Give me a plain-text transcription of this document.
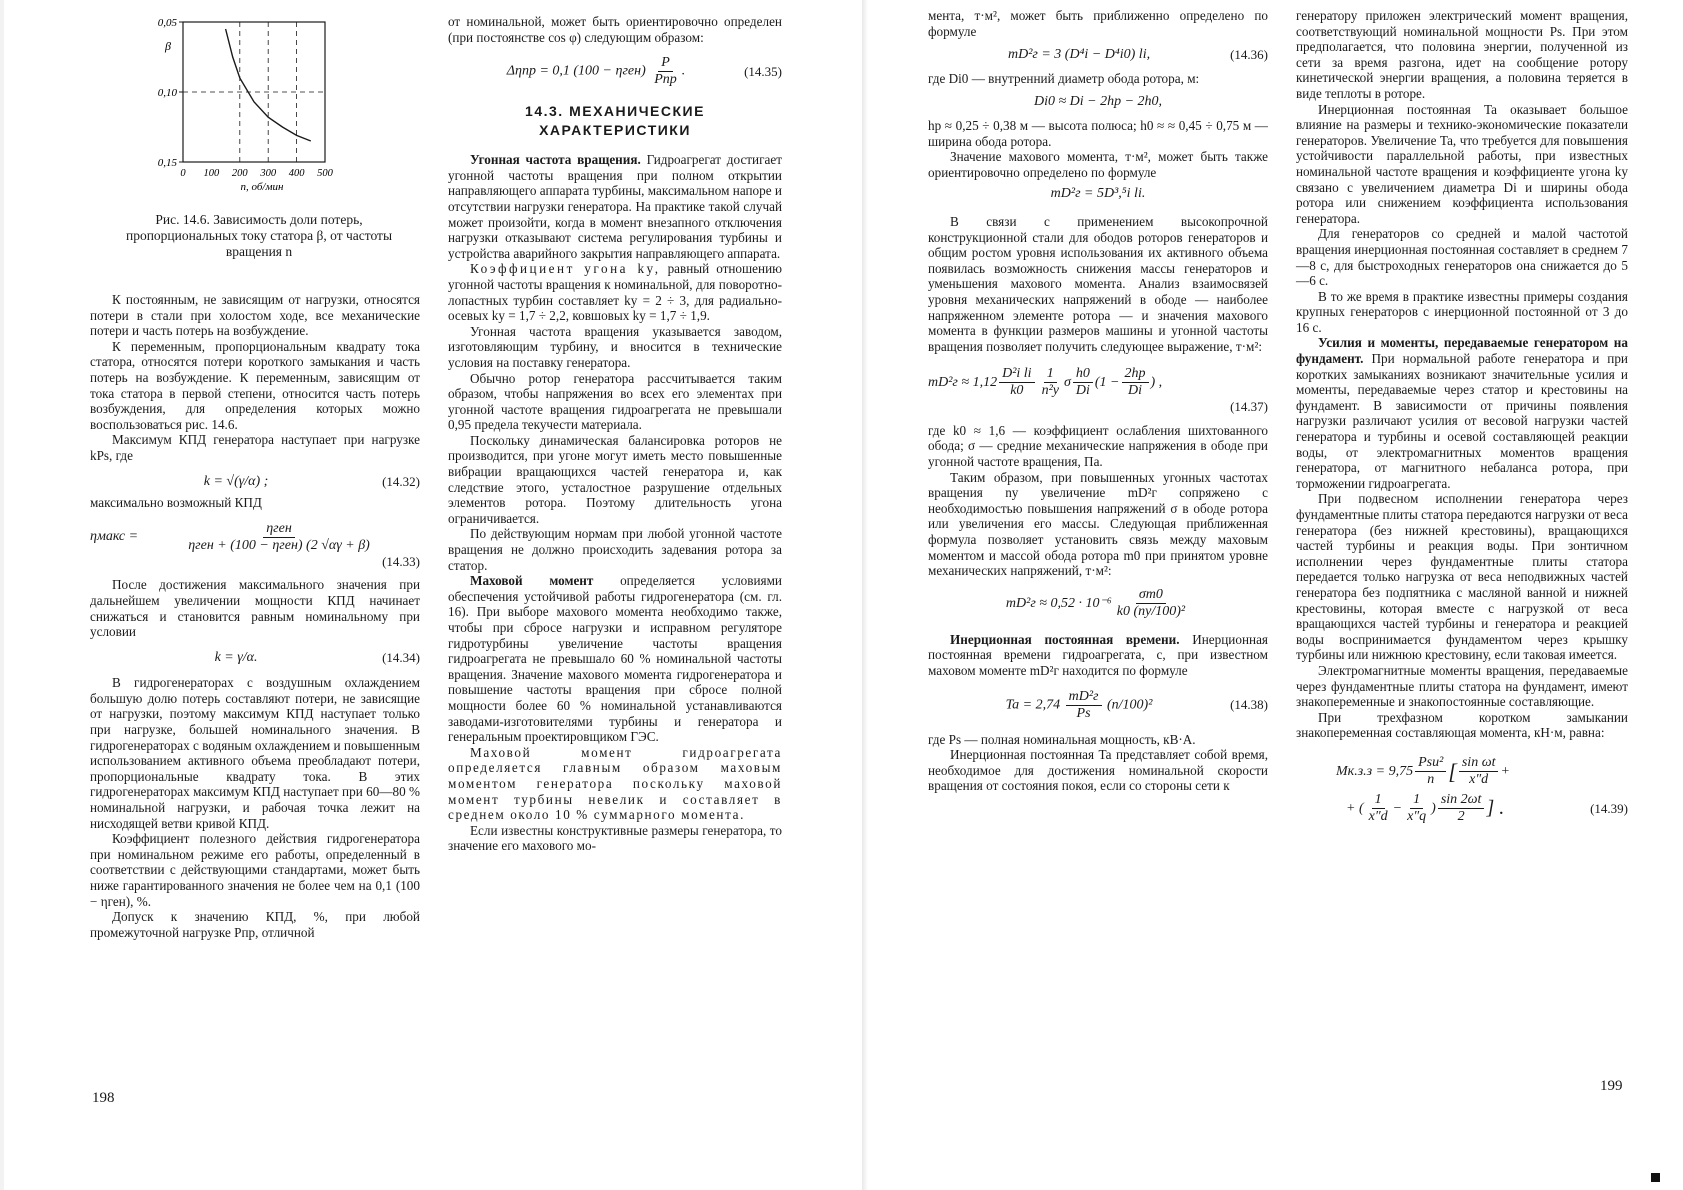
0,15
0,10
0,05
0 100 200 300 400 500
β
n, об/мин
Рис. 14.6. Зависимость доли потерь, пропорциональных току статора β, от частоты вращения n

К постоянным, не зависящим от нагрузки, относятся потери в стали при холостом ходе, все механические потери и часть потерь на возбуждение.

К переменным, пропорциональным квадрату тока статора, относятся потери короткого замыкания и часть потерь на возбуждение. К переменным, зависящим от тока статора в первой степени, относится часть потерь возбуждения, для определения которых можно воспользоваться рис. 14.6.

Максимум КПД генератора наступает при нагрузке kPs, где

k = √(γ/α) ;	(14.32)

максимально возможный КПД

ηмакс = $\frac{\text{ηген}}{\text{ηген + (100 − ηген) (2 √αγ + β)}}$
(14.33)

После достижения максимального значения при дальнейшем увеличении мощности КПД начинает снижаться и становится равным номинальному при условии

k = γ/α.	(14.34)

В гидрогенераторах с воздушным охлаждением большую долю потерь составляют потери, не зависящие от нагрузки, поэтому максимум КПД наступает только при нагрузке, большей номинального значения. В гидрогенераторах с водяным охлаждением и повышенным использованием активного объема преобладают потери, пропорциональные квадрату тока. В этих гидрогенераторах максимум КПД наступает при 60—80 % номинальной нагрузки, и рабочая точка лежит на нисходящей ветви кривой КПД.

Коэффициент полезного действия гидрогенератора при номинальном режиме его работы, определенный в соответствии с действующими стандартами, может быть ниже гарантированного значения не более чем на 0,1 (100 − ηген), %.

Допуск к значению КПД, %, при любой промежуточной нагрузке Pпр, отличной

от номинальной, может быть ориентировочно определен (при постоянстве cos φ) следующим образом:

Δηпр = 0,1 $(100 - \eta ген) \frac{P}{\text{Pпр}}$ .	(14.35)
14.3. МЕХАНИЧЕСКИЕ
ХАРАКТЕРИСТИКИ

Угонная частота вращения. Гидроагрегат достигает угонной частоты вращения при полном открытии направляющего аппарата турбины, максимальном напоре и отсутствии нагрузки генератора. На практике такой случай может произойти, когда в момент внезапного отключения нагрузки отказывают система регулирования турбины и устройства аварийного закрытия направляющего аппарата.

Коэффициент угона ky, равный отношению угонной частоты вращения к номинальной, для поворотно-лопастных турбин составляет ky = 2 ÷ 3, для радиально-осевых ky = 1,7 ÷ 2,2, ковшовых ky = 1,7 ÷ 1,9.

Угонная частота вращения указывается заводом, изготовляющим турбину, и вносится в технические условия на поставку генератора.

Обычно ротор генератора рассчитывается таким образом, чтобы напряжения во всех его элементах при угонной частоте вращения гидроагрегата не превышали 0,95 предела текучести материала.

Поскольку динамическая балансировка роторов не производится, при угоне могут иметь место повышенные вибрации вращающихся частей генератора и, как следствие этого, усталостное разрушение отдельных элементов ротора. Поэтому длительность угона ограничивается.

По действующим нормам при любой угонной частоте вращения не должно происходить задевания ротора за статор.

Маховой момент определяется условиями обеспечения устойчивой работы гидрогенератора (см. гл. 16). При выборе махового момента необходимо также, чтобы при сбросе нагрузки и исправном регуляторе гидротурбины увеличение частоты вращения гидроагрегата не превышало 60 % номинальной частоты вращения. Значение махового момента гидрогенератора и повышение частоты вращения при сбросе полной мощности более 60 % номинальной устанавливаются заводами-изготовителями турбины и генератора и генеральным проектировщиком ГЭС.

Маховой момент гидроагрегата определяется главным образом маховым моментом генератора поскольку маховой момент турбины невелик и составляет в среднем около 10 % суммарного момента.

Если известны конструктивные размеры генератора, то значение его махового мо-

198

мента, т·м², может быть приближенно определено по формуле

mD²г = 3 (D⁴i − D⁴i0) li,	(14.36)

где Di0 — внутренний диаметр обода ротора, м:

Di0 ≈ Di − 2hp − 2h0,

hp ≈ 0,25 ÷ 0,38 м — высота полюса; h0 ≈ ≈ 0,45 ÷ 0,75 м — ширина обода ротора.

Значение махового момента, т·м², может быть также ориентировочно определено по формуле

mD²г = 5D³,⁵i li.

В связи с применением высокопрочной конструкционной стали для ободов роторов генераторов и общим ростом уровня использования их активного объема появилась возможность снижения массы генераторов и уменьшения махового момента. Анализ взаимосвязей уровня механических напряжений в ободе — наиболее напряженном элементе ротора — и значения махового момента в функции размеров машины и угонной частоты вращения позволяет получить следующее выражение, т·м²:

$mD^2г \approx 1,12 \frac{\text{D²i li}}{k0} \frac{1}{\text{n²y}}$ σ $\frac{h0}{Di} (1 - \frac{2hp}{Di}$ ) ,
(14.37)

где k0 ≈ 1,6 — коэффициент ослабления шихтованного обода; σ — средние механические напряжения в ободе при угонной частоте вращения, Па.

Таким образом, при повышенных угонных частотах вращения ny увеличение mD²г сопряжено с необходимостью повышения напряжений σ в ободе ротора или увеличения его массы. Следующая приближенная формула позволяет установить связь между маховым моментом и массой обода ротора m0 при принятом уровне механических напряжений, т·м²:

$mD^2г \approx 0,52 \cdot 10^{-6} \frac{\sigma m0}{\text{k0 (ny/100)²}}$

Инерционная постоянная времени. Инерционная постоянная времени гидроагрегата, с, при известном маховом моменте mD²г находится по формуле

$Ta = 2,74 \frac{\text{mD²г}}{Ps} (n/100)^2$	(14.38)

где Ps — полная номинальная мощность, кВ·А.

Инерционная постоянная Ta представляет собой время, необходимое для достижения номинальной скорости вращения от состояния покоя, если со стороны сети к

генератору приложен электрический момент вращения, соответствующий номинальной мощности Ps. При этом предполагается, что половина энергии, полученной из сети за время разгона, идет на сообщение ротору кинетической энергии вращения, а половина теряется в виде теплоты в роторе.

Инерционная постоянная Ta оказывает большое влияние на размеры и технико-экономические показатели генераторов. Увеличение Ta, что требуется для повышения устойчивости параллельной работы, при известных номинальной частоте вращения и коэффициенте угона ky связано с увеличением диаметра Di и ширины обода ротора или снижением коэффициента использования генератора.

Для генераторов со средней и малой частотой вращения инерционная постоянная составляет в среднем 7—8 с, для быстроходных генераторов она снижается до 5—6 с.

В то же время в практике известны примеры создания крупных генераторов с инерционной постоянной от 3 до 16 с.

Усилия и моменты, передаваемые генератором на фундамент. При нормальной работе генератора и при коротких замыканиях возникают значительные усилия и моменты, передаваемые через статор и крестовины на фундамент. В зависимости от причины появления нагрузки различают усилия от весовой нагрузки частей генератора и турбины и осевой составляющей реакции воды, от электромагнитных моментов вращения генератора, от магнитного небаланса ротора, при торможении гидроагрегата.

При подвесном исполнении генератора через фундаментные плиты статора передаются нагрузки от веса генератора (без нижней крестовины), вращающихся частей турбины и реакция воды. При зонтичном исполнении через фундаментные плиты статора передается только нагрузка от веса неподвижных частей генератора без подпятника с масляной ванной и нижней крестовины, которая вместе с нагрузкой от веса вращающихся частей турбины и генератора и реакцией воды воспринимается фундаментом через крышку турбины или нижнюю крестовину, если таковая имеется.

Электромагнитные моменты вращения, передаваемые через фундаментные плиты статора на фундамент, имеют знакопеременные и знакопостоянные составляющие.

При трехфазном коротком замыкании знакопеременная составляющая момента, кН·м, равна:

$Mк.з.з = 9,75 \frac{\text{Psu²}}{n}$ [ $\frac{\text{sin ωt}}{x''d}$ +
+ ( $\frac{1}{x''d} - \frac{1}{x''q}$ ) $\frac{\sin 2\omega t}{2}$ ] .	(14.39)
199
